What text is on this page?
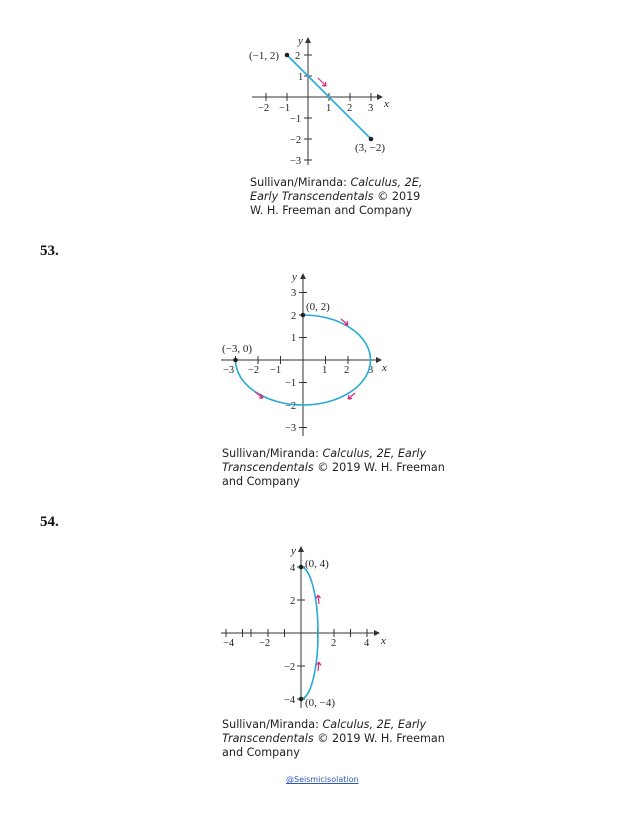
−2 −1	1 2 3
2
1
−1
−2
−3
y
x
(−1, 2)
(3, −2)
Sullivan/Miranda: Calculus, 2E,
Early Transcendentals © 2019
W. H. Freeman and Company
53.
−3 −2 −1	1 2 3
3
2
1
−1
−2
−3
y
x
(0, 2)
(−3, 0)
Sullivan/Miranda: Calculus, 2E, Early
Transcendentals © 2019 W. H. Freeman
and Company
54.
−4 −2	2	4
4
2
−2
−4
y
x
(0, 4)
(0, −4)
Sullivan/Miranda: Calculus, 2E, Early
Transcendentals © 2019 W. H. Freeman
and Company
@Seismicisolation
